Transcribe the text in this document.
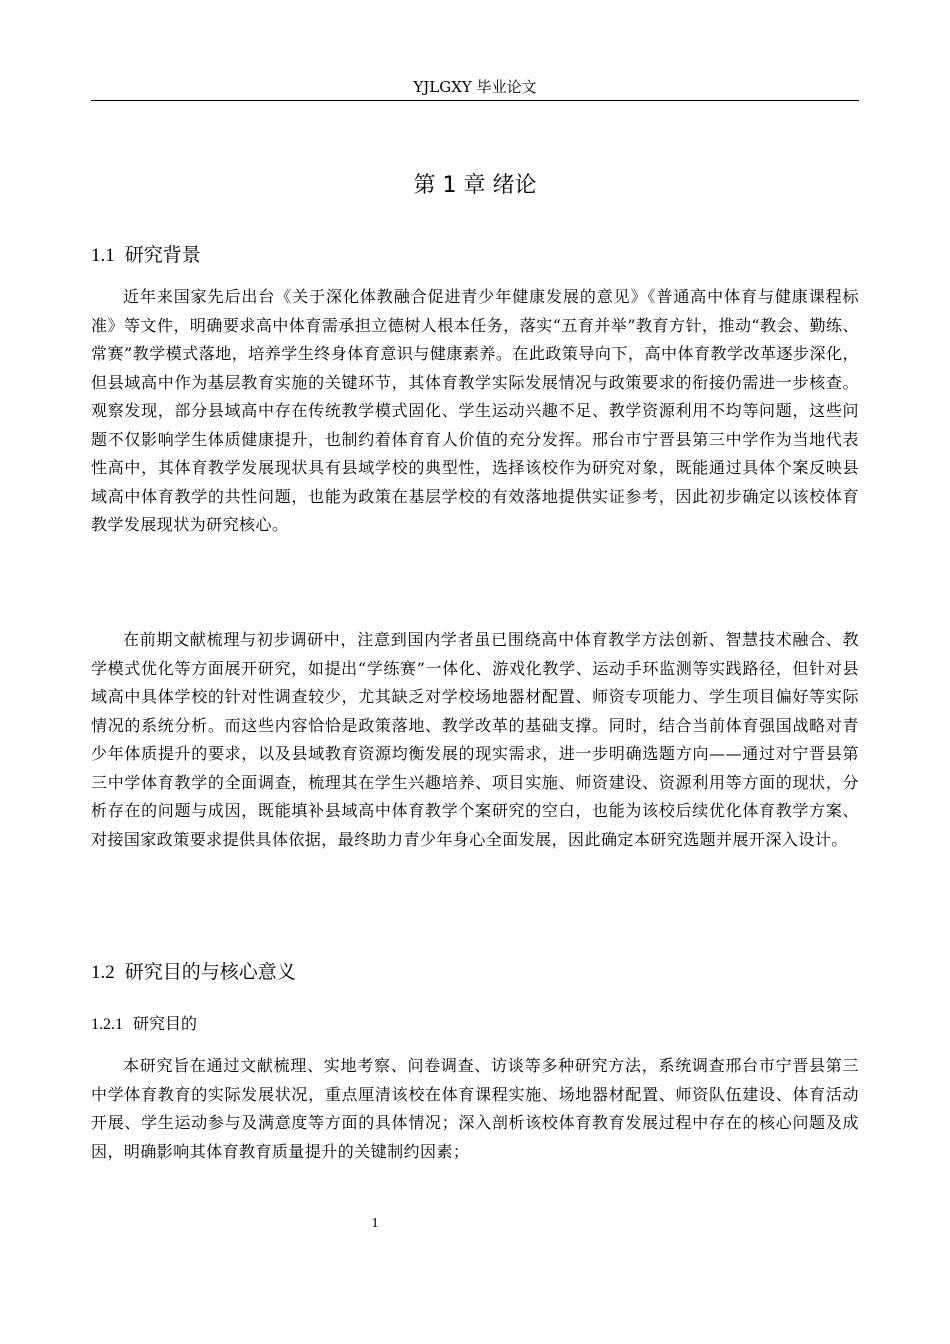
YJLGXY 毕业论文
第 1 章 绪论
1.1 研究背景

近年来国家先后出台《关于深化体教融合促进青少年健康发展的意见》《普通高中体育与健康课程标准》等文件，明确要求高中体育需承担立德树人根本任务，落实“五育并举”教育方针，推动“教会、勤练、常赛”教学模式落地，培养学生终身体育意识与健康素养。在此政策导向下，高中体育教学改革逐步深化，但县域高中作为基层教育实施的关键环节，其体育教学实际发展情况与政策要求的衔接仍需进一步核查。观察发现，部分县域高中存在传统教学模式固化、学生运动兴趣不足、教学资源利用不均等问题，这些问题不仅影响学生体质健康提升，也制约着体育育人价值的充分发挥。邢台市宁晋县第三中学作为当地代表性高中，其体育教学发展现状具有县域学校的典型性，选择该校作为研究对象，既能通过具体个案反映县域高中体育教学的共性问题，也能为政策在基层学校的有效落地提供实证参考，因此初步确定以该校体育教学发展现状为研究核心。

在前期文献梳理与初步调研中，注意到国内学者虽已围绕高中体育教学方法创新、智慧技术融合、教学模式优化等方面展开研究，如提出“学练赛”一体化、游戏化教学、运动手环监测等实践路径，但针对县域高中具体学校的针对性调查较少，尤其缺乏对学校场地器材配置、师资专项能力、学生项目偏好等实际情况的系统分析。而这些内容恰恰是政策落地、教学改革的基础支撑。同时，结合当前体育强国战略对青少年体质提升的要求，以及县域教育资源均衡发展的现实需求，进一步明确选题方向——通过对宁晋县第三中学体育教学的全面调查，梳理其在学生兴趣培养、项目实施、师资建设、资源利用等方面的现状，分析存在的问题与成因，既能填补县域高中体育教学个案研究的空白，也能为该校后续优化体育教学方案、对接国家政策要求提供具体依据，最终助力青少年身心全面发展，因此确定本研究选题并展开深入设计。

1.2 研究目的与核心意义
1.2.1 研究目的

本研究旨在通过文献梳理、实地考察、问卷调查、访谈等多种研究方法，系统调查邢台市宁晋县第三中学体育教育的实际发展状况，重点厘清该校在体育课程实施、场地器材配置、师资队伍建设、体育活动开展、学生运动参与及满意度等方面的具体情况；深入剖析该校体育教育发展过程中存在的核心问题及成因，明确影响其体育教育质量提升的关键制约因素；

1
